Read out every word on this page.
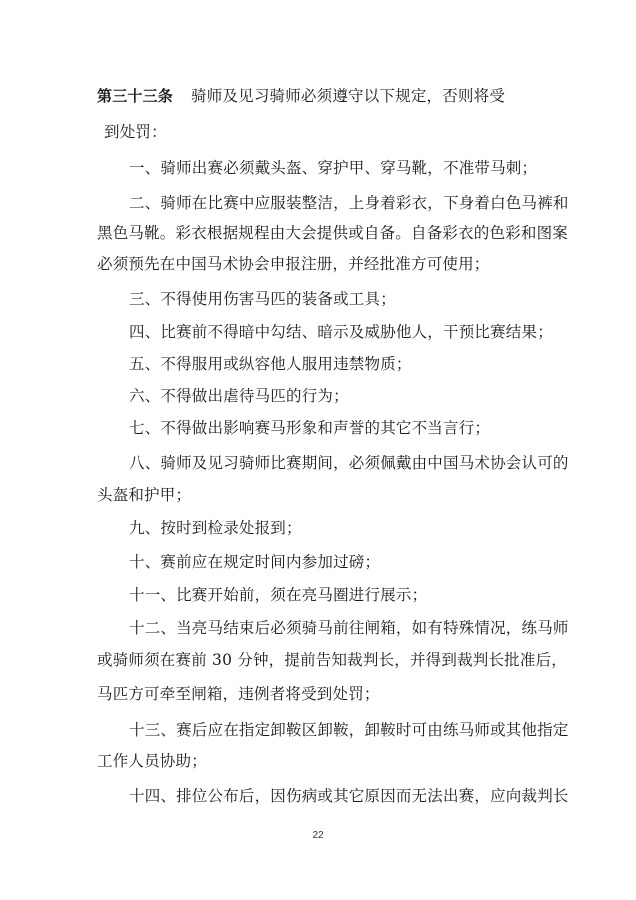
第三十三条 骑师及见习骑师必须遵守以下规定，否则将受
到处罚：
一、骑师出赛必须戴头盔、穿护甲、穿马靴，不准带马刺；
二、骑师在比赛中应服装整洁，上身着彩衣，下身着白色马裤和
黑色马靴。彩衣根据规程由大会提供或自备。自备彩衣的色彩和图案
必须预先在中国马术协会申报注册，并经批准方可使用；
三、不得使用伤害马匹的装备或工具；
四、比赛前不得暗中勾结、暗示及威胁他人，干预比赛结果；
五、不得服用或纵容他人服用违禁物质；
六、不得做出虐待马匹的行为；
七、不得做出影响赛马形象和声誉的其它不当言行；
八、骑师及见习骑师比赛期间，必须佩戴由中国马术协会认可的
头盔和护甲；
九、按时到检录处报到；
十、赛前应在规定时间内参加过磅；
十一、比赛开始前，须在亮马圈进行展示；
十二、当亮马结束后必须骑马前往闸箱，如有特殊情况，练马师
或骑师须在赛前 30 分钟，提前告知裁判长，并得到裁判长批准后，
马匹方可牵至闸箱，违例者将受到处罚；
十三、赛后应在指定卸鞍区卸鞍，卸鞍时可由练马师或其他指定
工作人员协助；
十四、排位公布后，因伤病或其它原因而无法出赛，应向裁判长
22
